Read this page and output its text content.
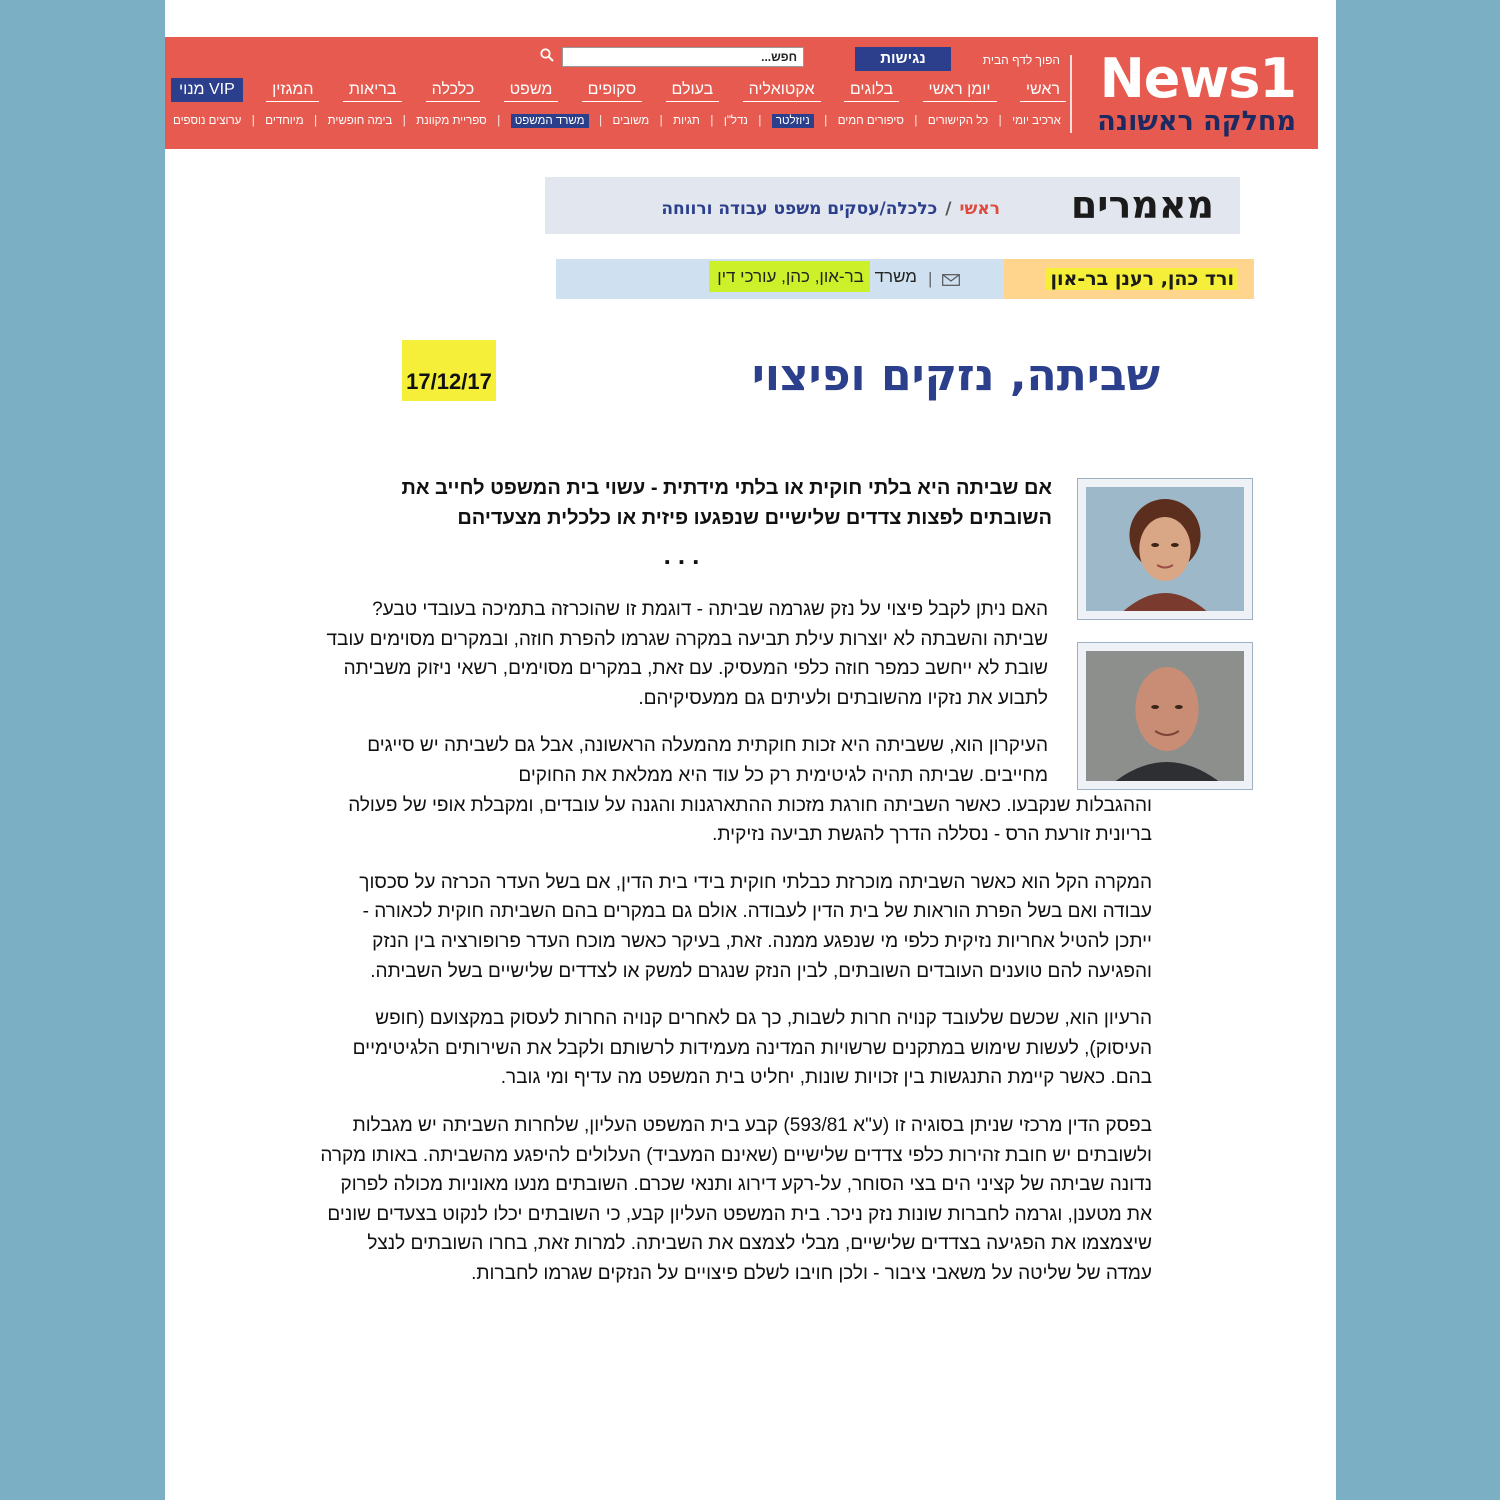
News1
מחלקה ראשונה
הפוך לדף הבית
נגישות
חפש...
ראשי
יומן ראשי
בלוגים
אקטואליה
בעולם
סקופים
משפט
כלכלה
בריאות
המגזין
מנוי VIP
ארכיב יומי
|
כל הקישורים
|
סיפורים חמים
|
ניוזלטר
|
נדל"ן
|
תגיות
|
משובים
|
משרד המשפט
|
ספריית מקוונת
|
בימה חופשית
|
מיוחדים
|
ערוצים נוספים
מאמרים
ראשי/כלכלה/עסקים משפט עבודה ורווחה
ורד כהן, רענן בר-און
|
משרד בר-און, כהן, עורכי דין
שביתה, נזקים ופיצוי
17/12/17
אם שביתה היא בלתי חוקית או בלתי מידתית - עשוי בית המשפט לחייב את השובתים לפצות צדדים שלישיים שנפגעו פיזית או כלכלית מצעדיהם
...

האם ניתן לקבל פיצוי על נזק שגרמה שביתה - דוגמת זו שהוכרזה בתמיכה בעובדי טבע? שביתה והשבתה לא יוצרות עילת תביעה במקרה שגרמו להפרת חוזה, ובמקרים מסוימים עובד שובת לא ייחשב כמפר חוזה כלפי המעסיק. עם זאת, במקרים מסוימים, רשאי ניזוק משביתה לתבוע את נזקיו מהשובתים ולעיתים גם ממעסיקיהם.

העיקרון הוא, ששביתה היא זכות חוקתית מהמעלה הראשונה, אבל גם לשביתה יש סייגים מחייבים. שביתה תהיה לגיטימית רק כל עוד היא ממלאת את החוקים

וההגבלות שנקבעו. כאשר השביתה חורגת מזכות ההתארגנות והגנה על עובדים, ומקבלת אופי של פעולה בריונית זורעת הרס - נסללה הדרך להגשת תביעה נזיקית.

המקרה הקל הוא כאשר השביתה מוכרזת כבלתי חוקית בידי בית הדין, אם בשל העדר הכרזה על סכסוך עבודה ואם בשל הפרת הוראות של בית הדין לעבודה. אולם גם במקרים בהם השביתה חוקית לכאורה - ייתכן להטיל אחריות נזיקית כלפי מי שנפגע ממנה. זאת, בעיקר כאשר מוכח העדר פרופורציה בין הנזק והפגיעה להם טוענים העובדים השובתים, לבין הנזק שנגרם למשק או לצדדים שלישיים בשל השביתה.

הרעיון הוא, שכשם שלעובד קנויה חרות לשבות, כך גם לאחרים קנויה החרות לעסוק במקצועם (חופש העיסוק), לעשות שימוש במתקנים שרשויות המדינה מעמידות לרשותם ולקבל את השירותים הלגיטימיים בהם. כאשר קיימת התנגשות בין זכויות שונות, יחליט בית המשפט מה עדיף ומי גובר.

בפסק הדין מרכזי שניתן בסוגיה זו (ע"א 593/81) קבע בית המשפט העליון, שלחרות השביתה יש מגבלות ולשובתים יש חובת זהירות כלפי צדדים שלישיים (שאינם המעביד) העלולים להיפגע מהשביתה. באותו מקרה נדונה שביתה של קציני הים בצי הסוחר, על-רקע דירוג ותנאי שכרם. השובתים מנעו מאוניות מכולה לפרוק את מטענן, וגרמה לחברות שונות נזק ניכר. בית המשפט העליון קבע, כי השובתים יכלו לנקוט בצעדים שונים שיצמצמו את הפגיעה בצדדים שלישיים, מבלי לצמצם את השביתה. למרות זאת, בחרו השובתים לנצל עמדה של שליטה על משאבי ציבור - ולכן חויבו לשלם פיצויים על הנזקים שגרמו לחברות.
